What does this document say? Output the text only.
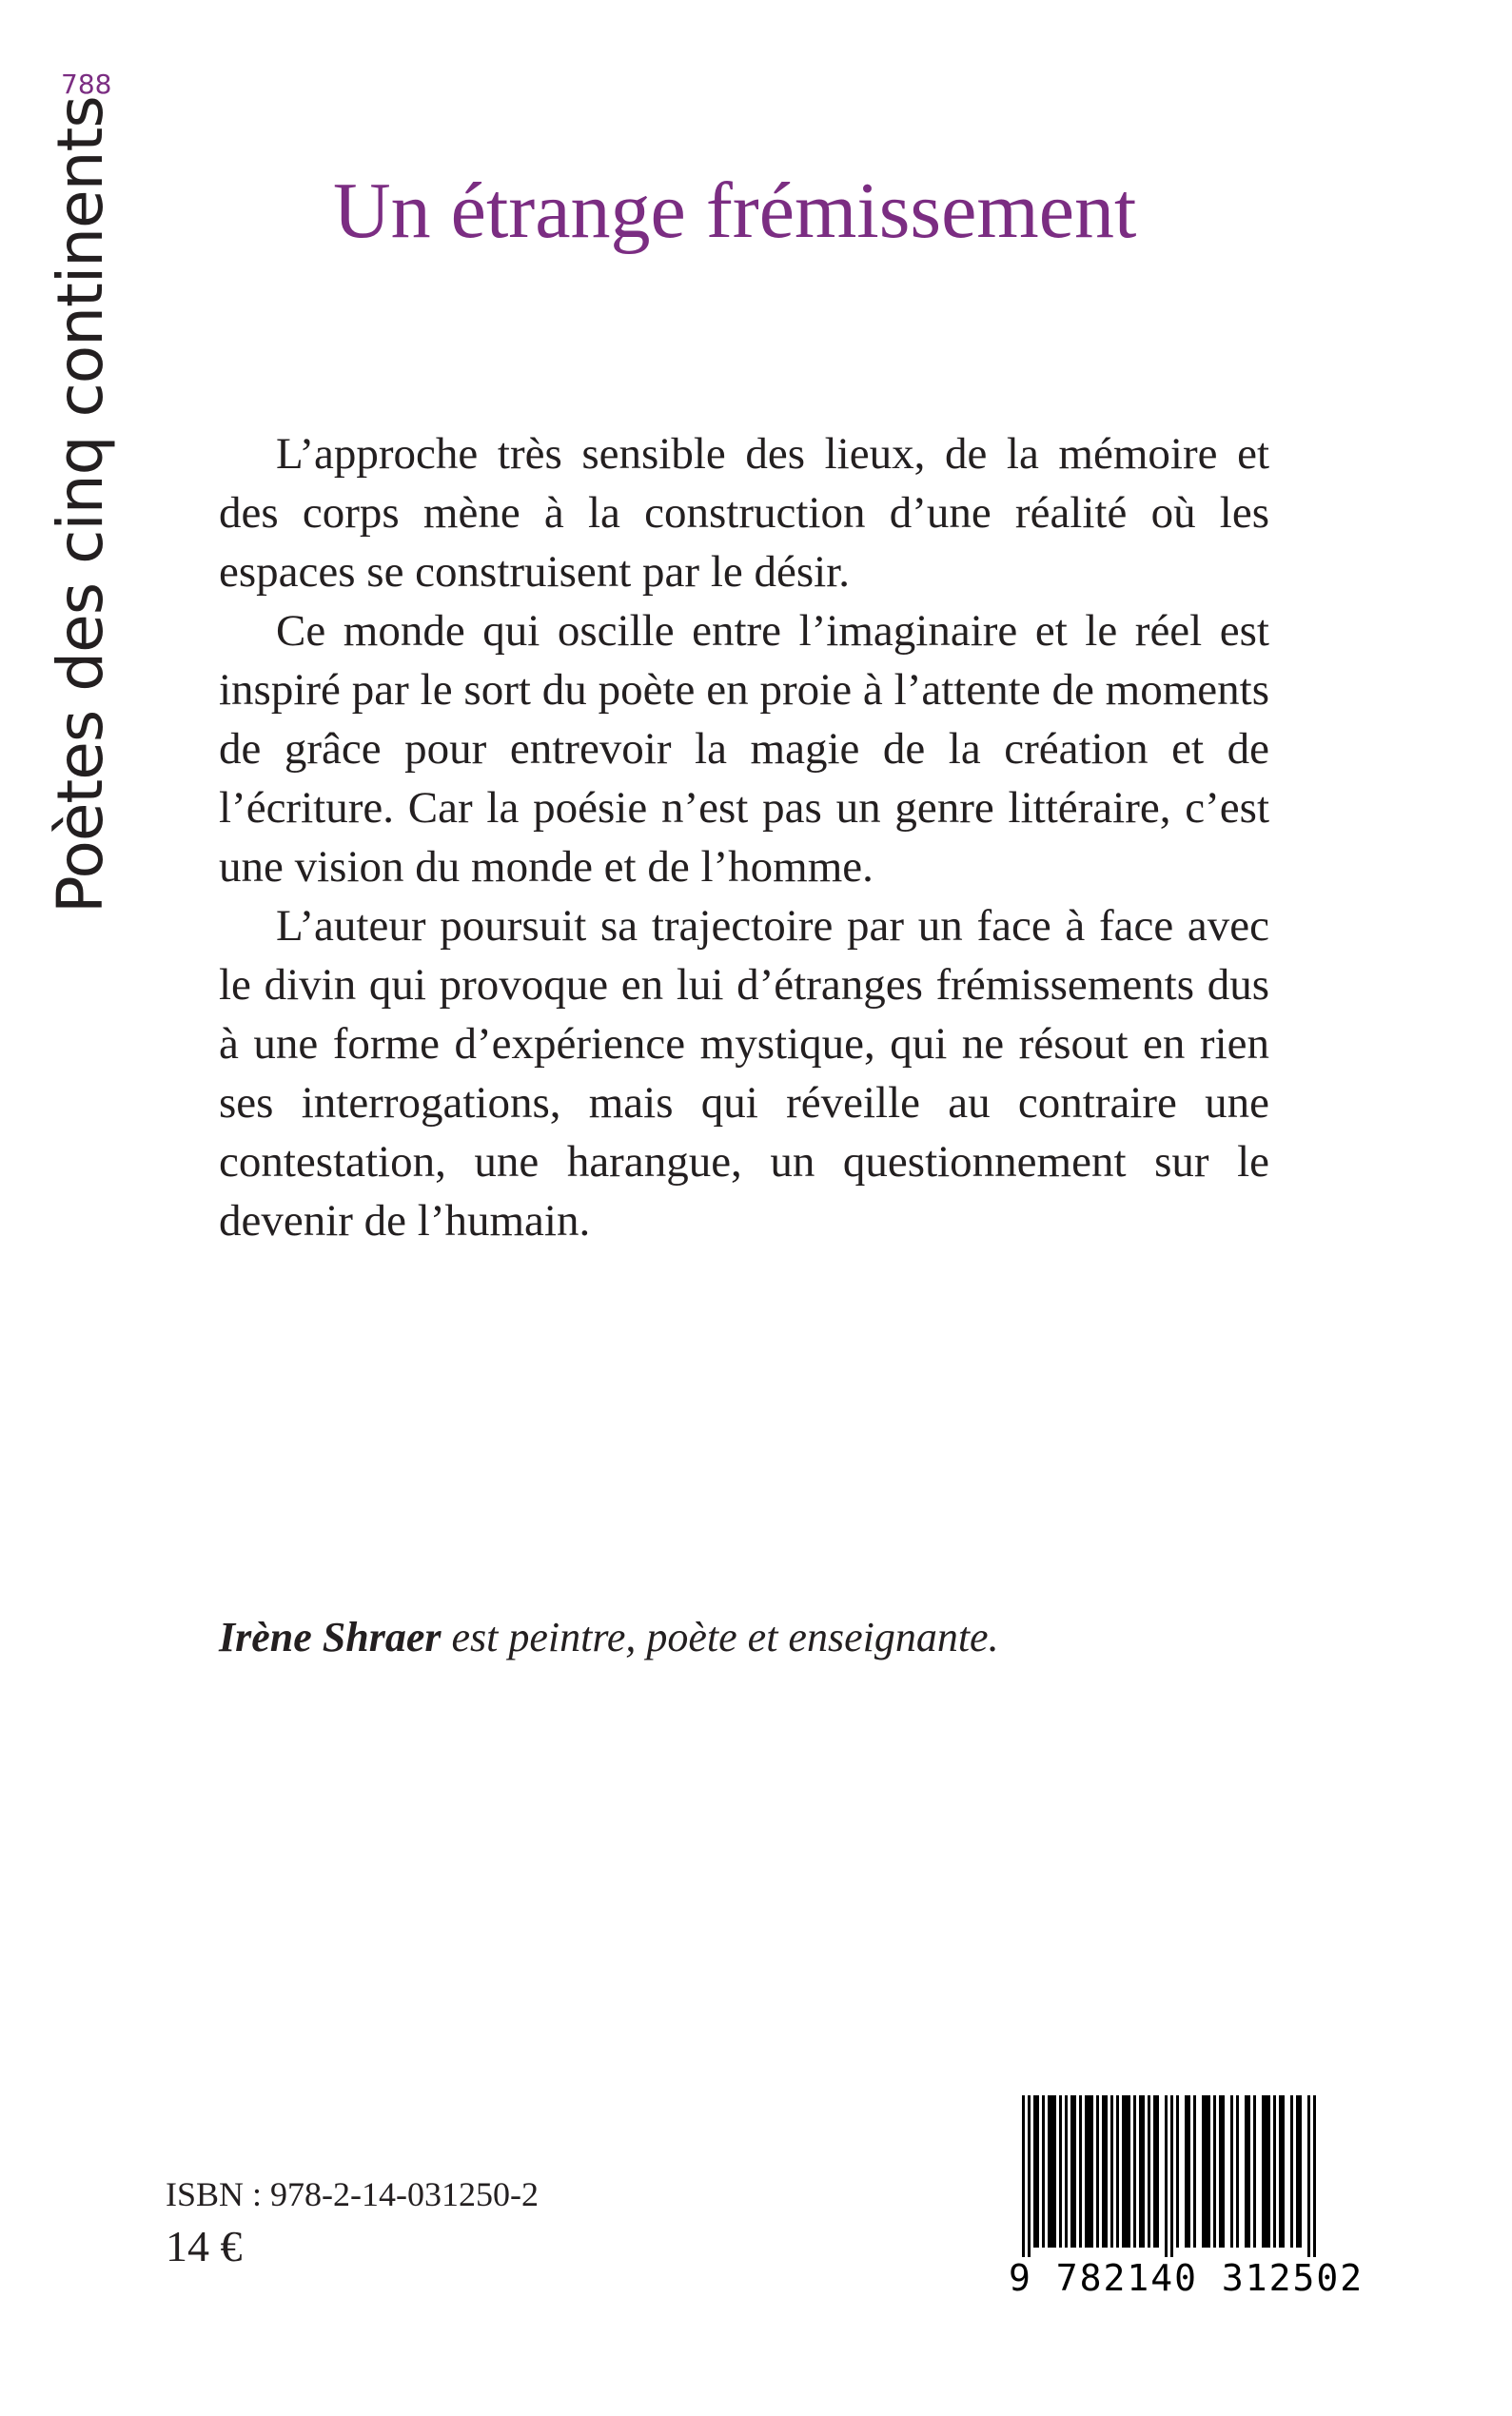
788
Poètes des cinq continents	Un étrange frémissement

L’approche très sensible des lieux, de la mémoire et des corps mène à la construction d’une réalité où les espaces se construisent par le désir.

Ce monde qui oscille entre l’imaginaire et le réel est inspiré par le sort du poète en proie à l’attente de moments de grâce pour entrevoir la magie de la création et de l’écriture. Car la poésie n’est pas un genre littéraire, c’est une vision du monde et de l’homme.

L’auteur poursuit sa trajectoire par un face à face avec le divin qui provoque en lui d’étranges frémissements dus à une forme d’expérience mystique, qui ne résout en rien ses interrogations, mais qui réveille au contraire une contestation, une harangue, un questionnement sur le devenir de l’humain.

Irène Shraer est peintre, poète et enseignante.
ISBN : 978-2-14-031250-2
14 €
9 782140 312502
